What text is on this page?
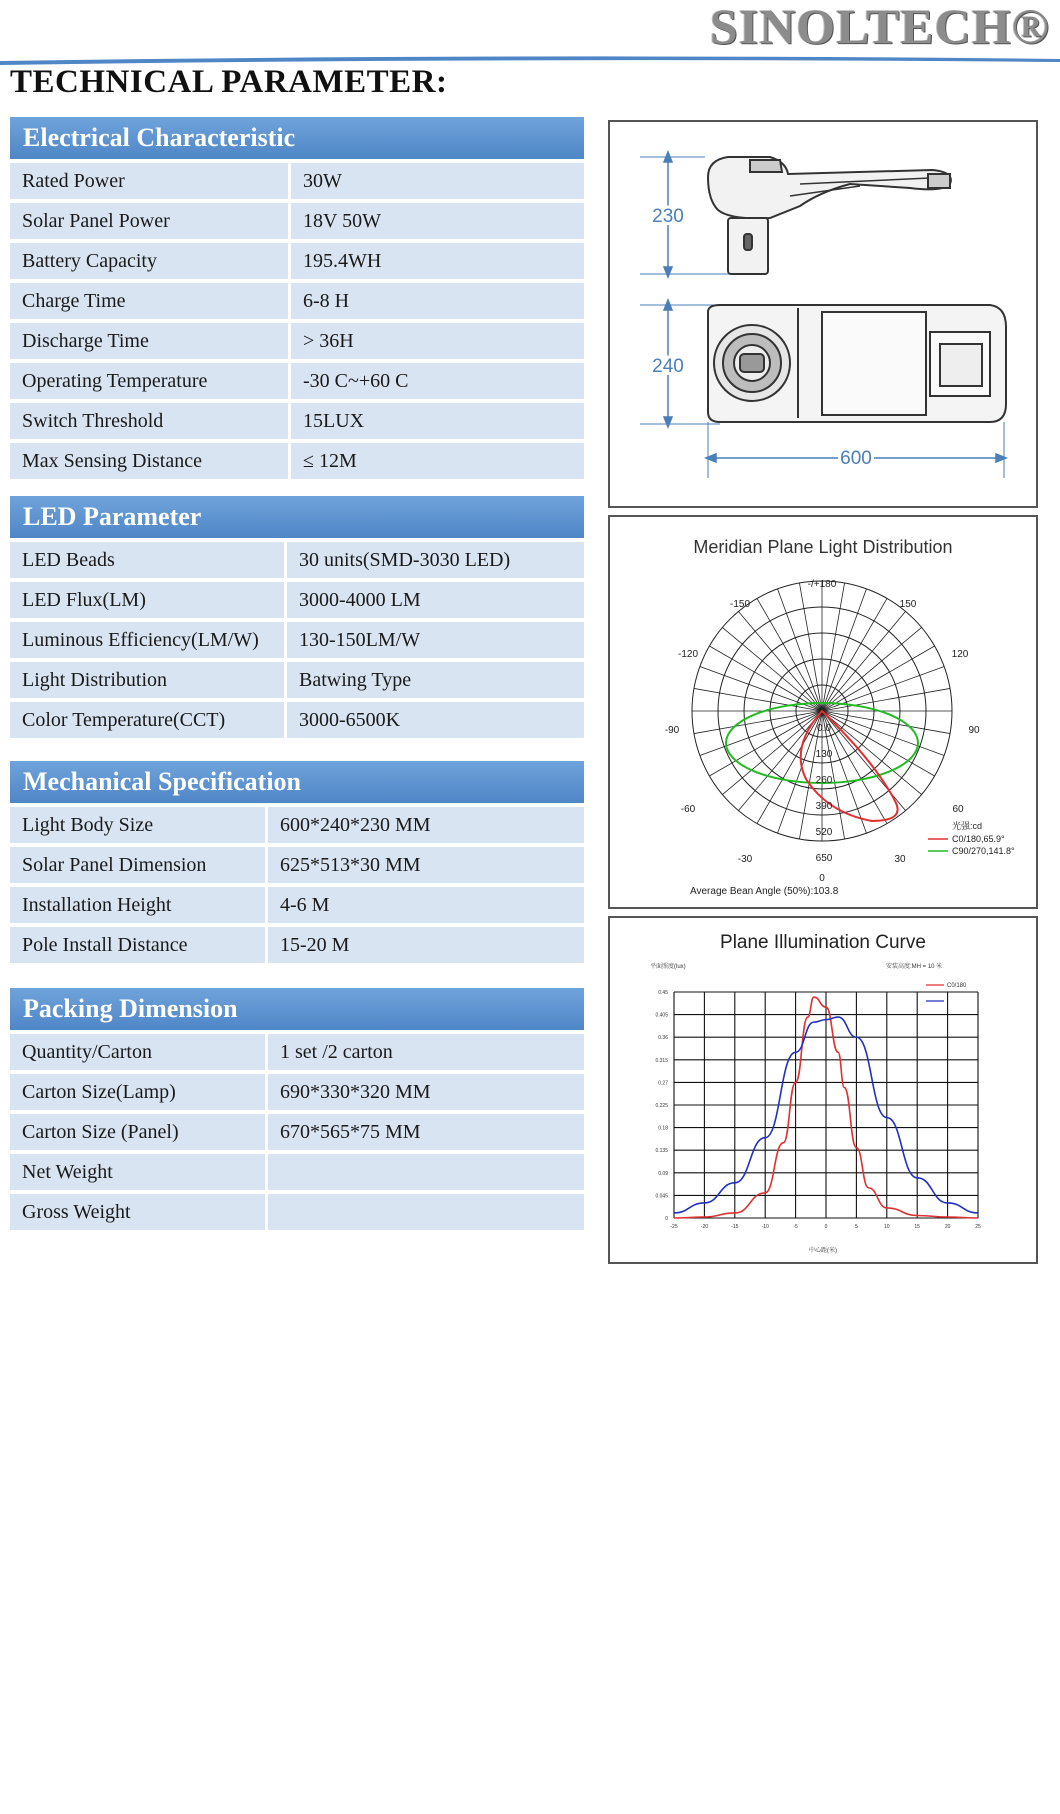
SINOLTECH®
TECHNICAL PARAMETER:
Electrical Characteristic
Rated Power	30W
Solar Panel Power	18V 50W
Battery Capacity	195.4WH
Charge Time	6-8 H
Discharge Time	> 36H
Operating Temperature	-30 C~+60 C
Switch Threshold	15LUX
Max Sensing Distance	≤ 12M
LED Parameter
LED Beads	30 units(SMD-3030 LED)
LED Flux(LM)	3000-4000 LM
Luminous Efficiency(LM/W)	130-150LM/W
Light Distribution	Batwing Type
Color Temperature(CCT)	3000-6500K
Mechanical Specification
Light Body Size	600*240*230 MM
Solar Panel Dimension	625*513*30 MM
Installation Height	4-6 M
Pole Install Distance	15-20 M
Packing Dimension
Quantity/Carton	1 set /2 carton
Carton Size(Lamp)	690*330*320 MM
Carton Size (Panel)	670*565*75 MM
Net Weight
Gross Weight
230
240
600
Meridian Plane Light Distribution
-/+180
-150	150
-120	120
-90	90
-60	60
-30	30
0
0.0
130
260
390
520
650
光强:cd
C0/180,65.9°
C90/270,141.8°
Average Bean Angle (50%):103.8
Plane Illumination Curve
平面照度(lux)	安装高度:MH = 10 米
C0/180
0
0.045
0.09
0.135
0.18
0.225
0.27
0.315
0.36
0.405
0.45
-25	-20	-15	-10	-5	0	5	10	15	20	25
中心距(米)
